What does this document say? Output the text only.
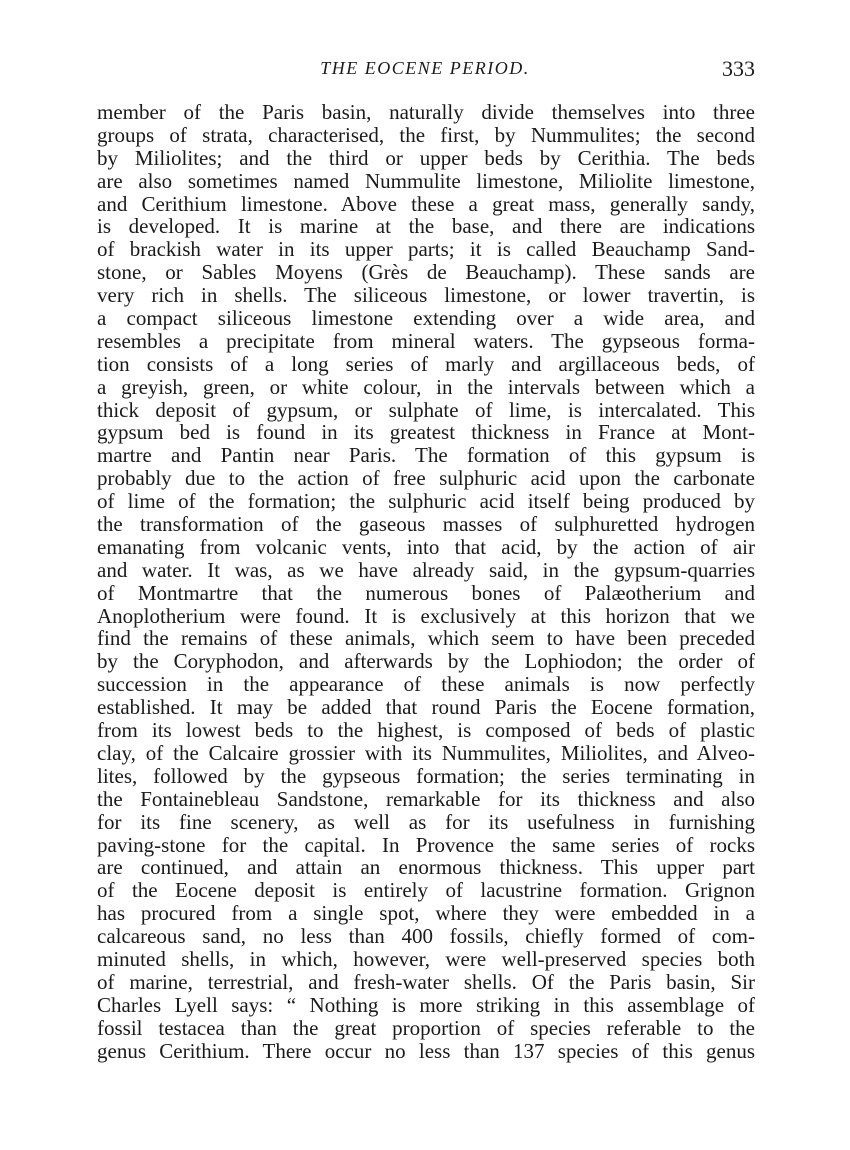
THE EOCENE PERIOD.	333
member of the Paris basin, naturally divide themselves into three
groups of strata, characterised, the first, by Nummulites; the second
by Miliolites; and the third or upper beds by Cerithia. The beds
are also sometimes named Nummulite limestone, Miliolite limestone,
and Cerithium limestone. Above these a great mass, generally sandy,
is developed. It is marine at the base, and there are indications
of brackish water in its upper parts; it is called Beauchamp Sand-
stone, or Sables Moyens (Grès de Beauchamp). These sands are
very rich in shells. The siliceous limestone, or lower travertin, is
a compact siliceous limestone extending over a wide area, and
resembles a precipitate from mineral waters. The gypseous forma-
tion consists of a long series of marly and argillaceous beds, of
a greyish, green, or white colour, in the intervals between which a
thick deposit of gypsum, or sulphate of lime, is intercalated. This
gypsum bed is found in its greatest thickness in France at Mont-
martre and Pantin near Paris. The formation of this gypsum is
probably due to the action of free sulphuric acid upon the carbonate
of lime of the formation; the sulphuric acid itself being produced by
the transformation of the gaseous masses of sulphuretted hydrogen
emanating from volcanic vents, into that acid, by the action of air
and water. It was, as we have already said, in the gypsum-quarries
of Montmartre that the numerous bones of Palæotherium and
Anoplotherium were found. It is exclusively at this horizon that we
find the remains of these animals, which seem to have been preceded
by the Coryphodon, and afterwards by the Lophiodon; the order of
succession in the appearance of these animals is now perfectly
established. It may be added that round Paris the Eocene formation,
from its lowest beds to the highest, is composed of beds of plastic
clay, of the Calcaire grossier with its Nummulites, Miliolites, and Alveo-
lites, followed by the gypseous formation; the series terminating in
the Fontainebleau Sandstone, remarkable for its thickness and also
for its fine scenery, as well as for its usefulness in furnishing
paving-stone for the capital. In Provence the same series of rocks
are continued, and attain an enormous thickness. This upper part
of the Eocene deposit is entirely of lacustrine formation. Grignon
has procured from a single spot, where they were embedded in a
calcareous sand, no less than 400 fossils, chiefly formed of com-
minuted shells, in which, however, were well-preserved species both
of marine, terrestrial, and fresh-water shells. Of the Paris basin, Sir
Charles Lyell says: “ Nothing is more striking in this assemblage of
fossil testacea than the great proportion of species referable to the
genus Cerithium. There occur no less than 137 species of this genus
